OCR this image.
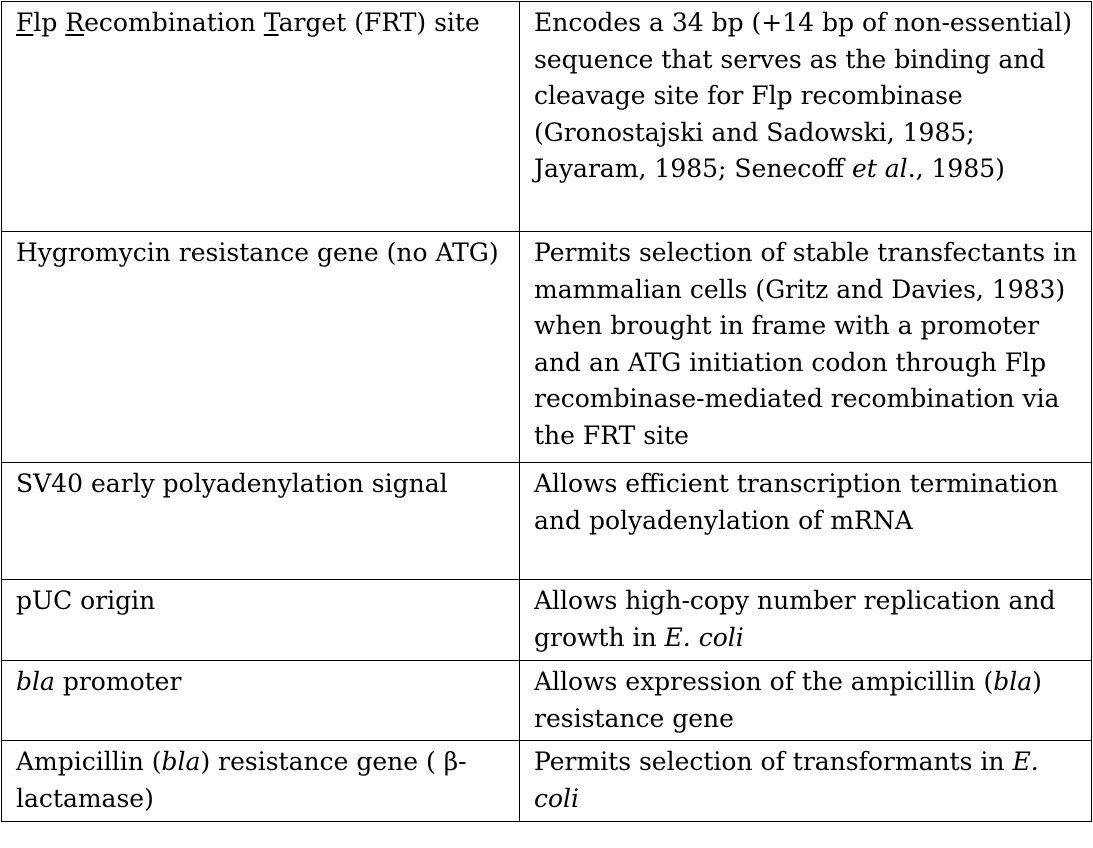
Flp Recombination Target (FRT) site	Encodes a 34 bp (+14 bp of non-essential) sequence that serves as the binding and cleavage site for Flp recombinase (Gronostajski and Sadowski, 1985; Jayaram, 1985; Senecoff et al., 1985)
Hygromycin resistance gene (no ATG)	Permits selection of stable transfectants in mammalian cells (Gritz and Davies, 1983) when brought in frame with a promoter and an ATG initiation codon through Flp recombinase-mediated recombination via the FRT site
SV40 early polyadenylation signal	Allows efficient transcription termination and polyadenylation of mRNA
pUC origin	Allows high-copy number replication and growth in E. coli
bla promoter	Allows expression of the ampicillin (bla) resistance gene
Ampicillin (bla) resistance gene ( β-lactamase)	Permits selection of transformants in E. coli
